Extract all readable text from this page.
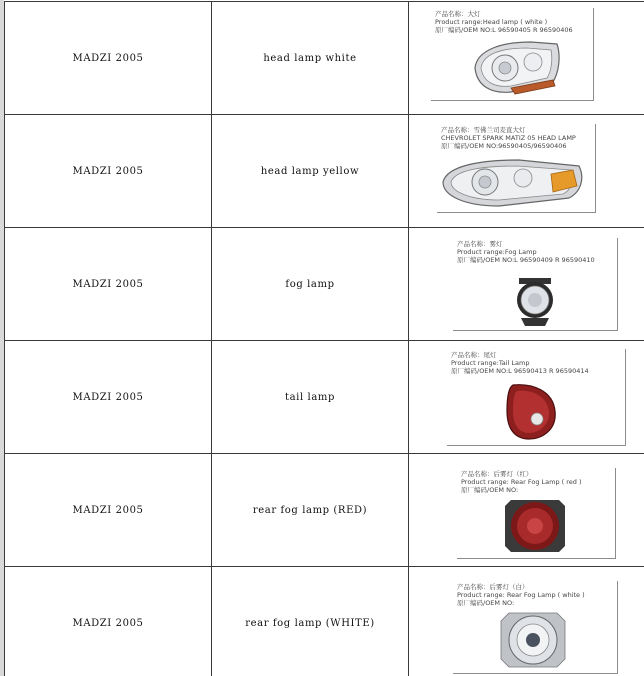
MADZI 2005	head lamp white	产品名称：大灯
Product range:Head lamp ( white )
原厂编码/OEM NO:L 96590405 R 96590406

MADZI 2005	head lamp yellow	产品名称：雪佛兰司麦直大灯
CHEVROLET SPARK MATIZ 05 HEAD LAMP
原厂编码/OEM NO:96590405/96590406

MADZI 2005	fog lamp	产品名称：雾灯
Product range:Fog Lamp
原厂编码/OEM NO:L 96590409 R 96590410

MADZI 2005	tail lamp	产品名称：尾灯
Product range:Tail Lamp
原厂编码/OEM NO:L 96590413 R 96590414

MADZI 2005	rear fog lamp (RED)	产品名称：后雾灯（红）
Product range: Rear Fog Lamp ( red )
原厂编码/OEM NO:

MADZI 2005	rear fog lamp (WHITE)	产品名称：后雾灯（白）
Product range: Rear Fog Lamp ( white )
原厂编码/OEM NO:
